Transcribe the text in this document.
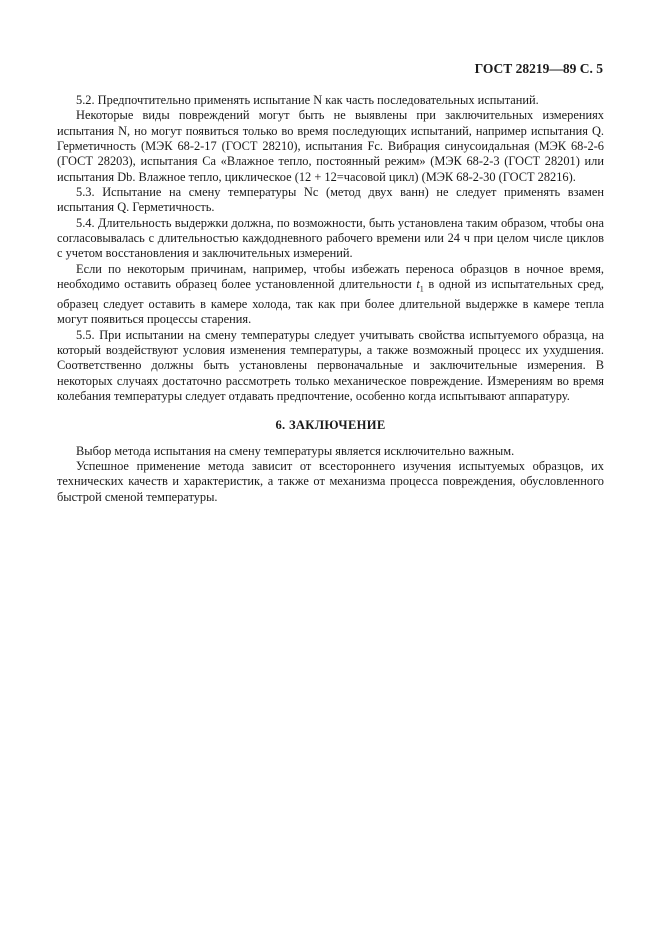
ГОСТ 28219—89 С. 5

5.2. Предпочтительно применять испытание N как часть последовательных испытаний.

Некоторые виды повреждений могут быть не выявлены при заключительных измерениях испытания N, но могут появиться только во время последующих испытаний, например испытания Q. Герметичность (МЭК 68-2-17 (ГОСТ 28210), испытания Fc. Вибрация синусоидальная (МЭК 68-2-6 (ГОСТ 28203), испытания Са «Влажное тепло, постоянный режим» (МЭК 68-2-3 (ГОСТ 28201) или испытания Db. Влажное тепло, циклическое (12 + 12=часовой цикл) (МЭК 68-2-30 (ГОСТ 28216).

5.3. Испытание на смену температуры Nc (метод двух ванн) не следует применять взамен испытания Q. Герметичность.

5.4. Длительность выдержки должна, по возможности, быть установлена таким образом, чтобы она согласовывалась с длительностью каждодневного рабочего времени или 24 ч при целом числе циклов с учетом восстановления и заключительных измерений.

Если по некоторым причинам, например, чтобы избежать переноса образцов в ночное время, необходимо оставить образец более установленной длительности $t_1$ в одной из испытательных сред, образец следует оставить в камере холода, так как при более длительной выдержке в камере тепла могут появиться процессы старения.

5.5. При испытании на смену температуры следует учитывать свойства испытуемого образца, на который воздействуют условия изменения температуры, а также возможный процесс их ухудшения. Соответственно должны быть установлены первоначальные и заключительные измерения. В некоторых случаях достаточно рассмотреть только механическое повреждение. Измерениям во время колебания температуры следует отдавать предпочтение, особенно когда испытывают аппаратуру.

6. ЗАКЛЮЧЕНИЕ

Выбор метода испытания на смену температуры является исключительно важным.

Успешное применение метода зависит от всестороннего изучения испытуемых образцов, их технических качеств и характеристик, а также от механизма процесса повреждения, обусловленного быстрой сменой температуры.
